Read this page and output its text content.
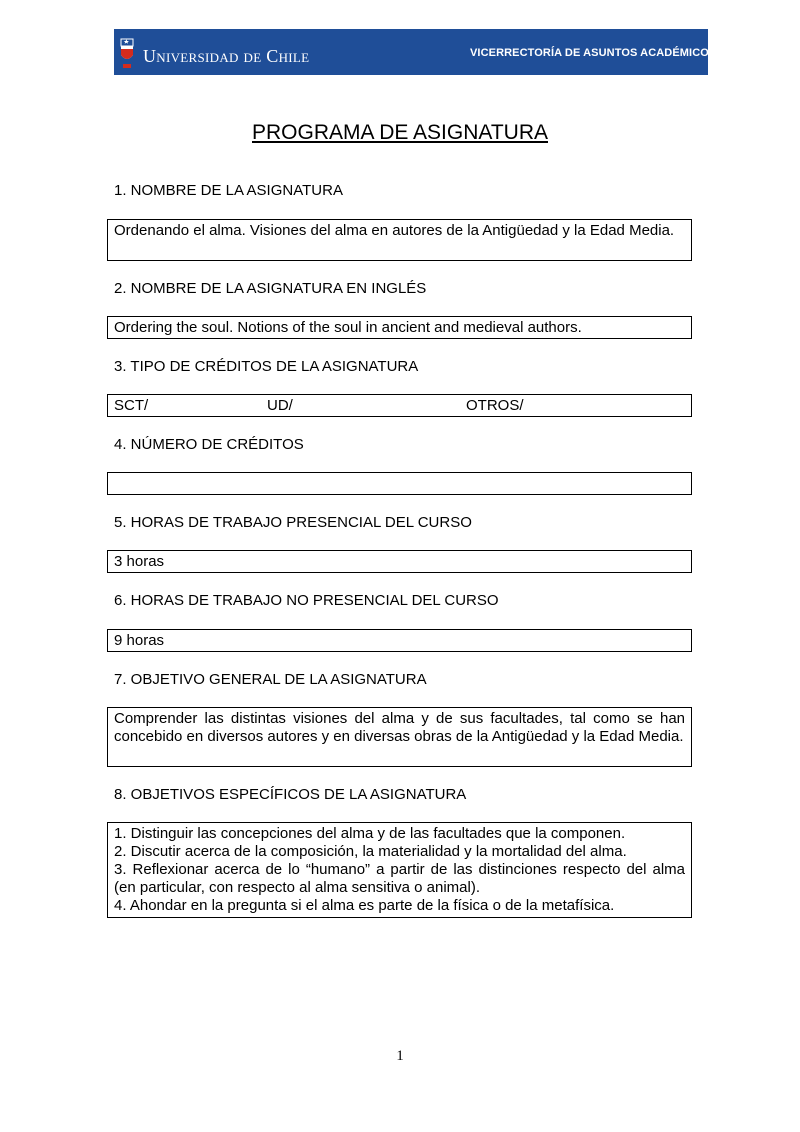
Universidad de Chile	VICERRECTORÍA DE ASUNTOS ACADÉMICOS
PROGRAMA DE ASIGNATURA
1. NOMBRE DE LA ASIGNATURA
Ordenando el alma. Visiones del alma en autores de la Antigüedad y la Edad Media.
2. NOMBRE DE LA ASIGNATURA EN INGLÉS
Ordering the soul. Notions of the soul in ancient and medieval authors.
3. TIPO DE CRÉDITOS DE LA ASIGNATURA
SCT/	UD/	OTROS/
4. NÚMERO DE CRÉDITOS
5. HORAS DE TRABAJO PRESENCIAL DEL CURSO
3 horas
6. HORAS DE TRABAJO NO PRESENCIAL DEL CURSO
9 horas
7. OBJETIVO GENERAL DE LA ASIGNATURA
Comprender las distintas visiones del alma y de sus facultades, tal como se han concebido en diversos autores y en diversas obras de la Antigüedad y la Edad Media.
8. OBJETIVOS ESPECÍFICOS DE LA ASIGNATURA
1. Distinguir las concepciones del alma y de las facultades que la componen.
2. Discutir acerca de la composición, la materialidad y la mortalidad del alma.
3. Reflexionar acerca de lo “humano” a partir de las distinciones respecto del alma (en particular, con respecto al alma sensitiva o animal).
4. Ahondar en la pregunta si el alma es parte de la física o de la metafísica.
1
